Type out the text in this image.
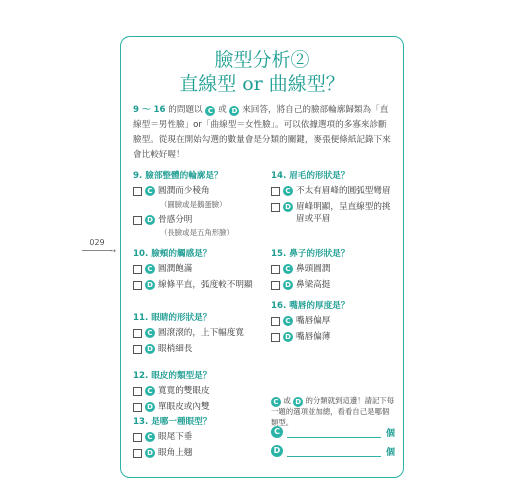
029
→
臉型分析②
直線型 or 曲線型？
9 ～ 16 的問題以 C 或 D 來回答，將自己的臉部輪廓歸類為「直線型＝男性臉」or「曲線型＝女性臉」。可以依據選項的多寡來診斷臉型。從現在開始勾選的數量會是分類的關鍵，麥張便條紙記錄下來會比較好喔！
9. 臉部整體的輪廓是？
C 圓潤而少稜角
（圓臉或是鵝蛋臉）
D 骨感分明
（長臉或是五角形臉）
10. 臉頰的觸感是？
C 圓潤飽滿
D 線條平直，弧度較不明顯
11. 眼睛的形狀是？
C 圓滾滾的，上下幅度寬
D 眼梢細長
12. 眼皮的類型是？
C 寬寬的雙眼皮
D 單眼皮或內雙
13. 是哪一種眼型？
C 眼尾下垂
D 眼角上翹
14. 眉毛的形狀是？
C 不太有眉峰的圓弧型彎眉
D 眉峰明顯，呈直線型的挑眉或平眉
15. 鼻子的形狀是？
C 鼻頭圓潤
D 鼻梁高挺
16. 嘴唇的厚度是？
C 嘴唇偏厚
D 嘴唇偏薄
C 或 D 的分類就到這邊！請記下每一題的選項並加總，看看自己是哪個類型。
C	個
D	個
